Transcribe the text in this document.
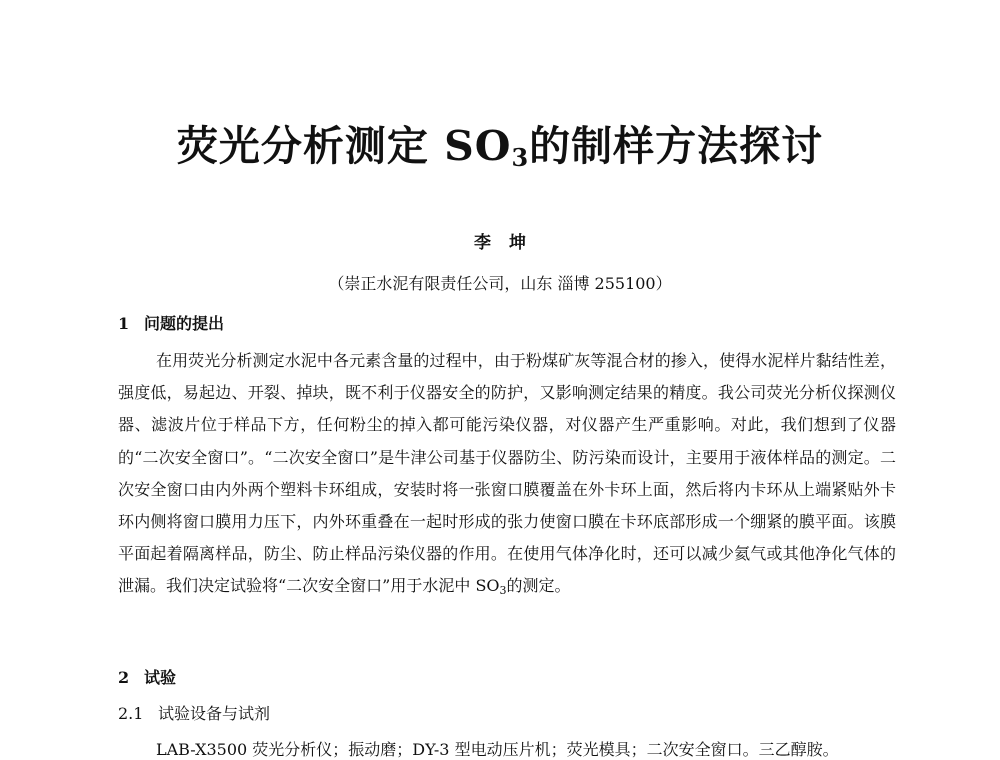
荧光分析测定 $SO_3$的制样方法探讨
李坤
（崇正水泥有限责任公司，山东 淄博 255100）
1 问题的提出

在用荧光分析测定水泥中各元素含量的过程中，由于粉煤矿灰等混合材的掺入，使得水泥样片黏结性差，强度低，易起边、开裂、掉块，既不利于仪器安全的防护，又影响测定结果的精度。我公司荧光分析仪探测仪器、滤波片位于样品下方，任何粉尘的掉入都可能污染仪器，对仪器产生严重影响。对此，我们想到了仪器的“二次安全窗口”。“二次安全窗口”是牛津公司基于仪器防尘、防污染而设计，主要用于液体样品的测定。二次安全窗口由内外两个塑料卡环组成，安装时将一张窗口膜覆盖在外卡环上面，然后将内卡环从上端紧贴外卡环内侧将窗口膜用力压下，内外环重叠在一起时形成的张力使窗口膜在卡环底部形成一个绷紧的膜平面。该膜平面起着隔离样品，防尘、防止样品污染仪器的作用。在使用气体净化时，还可以减少氦气或其他净化气体的泄漏。我们决定试验将“二次安全窗口”用于水泥中 $SO_3$的测定。

2 试验
2.1 试验设备与试剂
LAB-X3500 荧光分析仪；振动磨；DY-3 型电动压片机；荧光模具；二次安全窗口。三乙醇胺。
